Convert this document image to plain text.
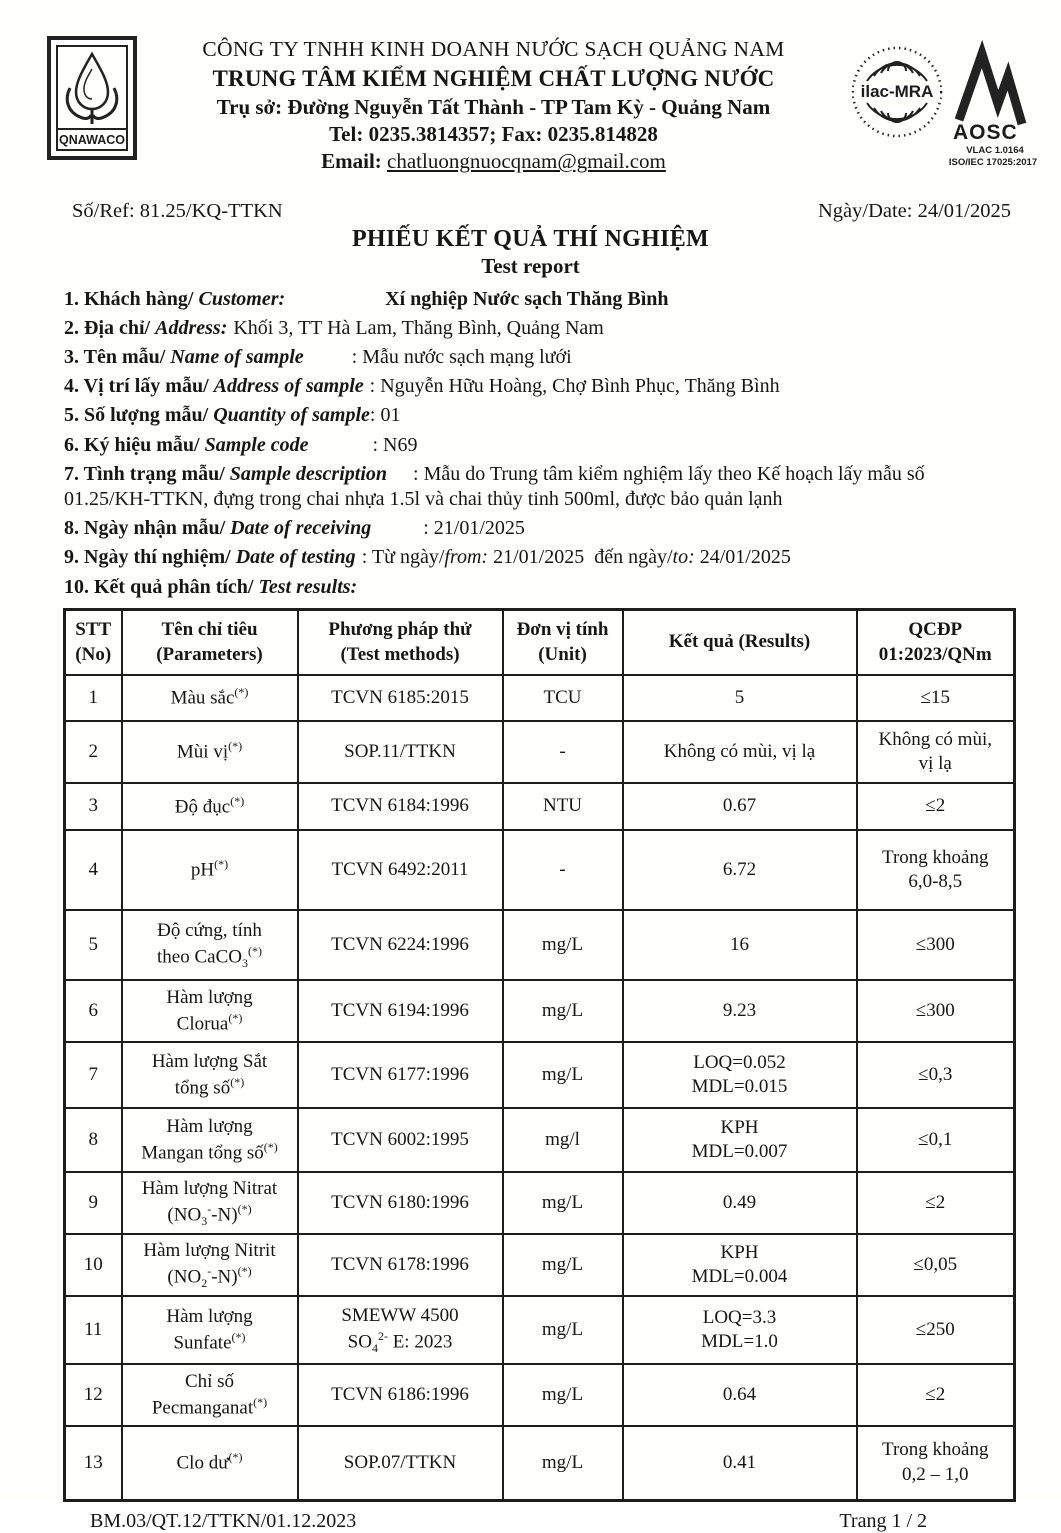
QNAWACO
CÔNG TY TNHH KINH DOANH NƯỚC SẠCH QUẢNG NAM
TRUNG TÂM KIỂM NGHIỆM CHẤT LƯỢNG NƯỚC
Trụ sở: Đường Nguyễn Tất Thành - TP Tam Kỳ - Quảng Nam
Tel: 0235.3814357; Fax: 0235.814828
Email: chatluongnuocqnam@gmail.com
ilac-MRA
AOSC
VLAC 1.0164
ISO/IEC 17025:2017
Số/Ref: 81.25/KQ-TTKN	Ngày/Date: 24/01/2025
PHIẾU KẾT QUẢ THÍ NGHIỆM
Test report
1. Khách hàng/ Customer:	Xí nghiệp Nước sạch Thăng Bình
2. Địa chỉ/ Address: Khối 3, TT Hà Lam, Thăng Bình, Quảng Nam
3. Tên mẫu/ Name of sample : Mẫu nước sạch mạng lưới
4. Vị trí lấy mẫu/ Address of sample : Nguyễn Hữu Hoàng, Chợ Bình Phục, Thăng Bình
5. Số lượng mẫu/ Quantity of sample: 01
6. Ký hiệu mẫu/ Sample code	: N69
7. Tình trạng mẫu/ Sample description : Mẫu do Trung tâm kiểm nghiệm lấy theo Kế hoạch lấy mẫu số 01.25/KH-TTKN, đựng trong chai nhựa 1.5l và chai thủy tinh 500ml, được bảo quản lạnh
8. Ngày nhận mẫu/ Date of receiving	: 21/01/2025
9. Ngày thí nghiệm/ Date of testing : Từ ngày/from: 21/01/2025  đến ngày/to: 24/01/2025
10. Kết quả phân tích/ Test results:
STT
(No)	Tên chỉ tiêu
(Parameters)	Phương pháp thử
(Test methods)	Đơn vị tính
(Unit)	Kết quả (Results)	QCĐP
01:2023/QNm
1	Màu sắc(*)	TCVN 6185:2015	TCU	5	≤15
2	Mùi vị(*)	SOP.11/TTKN	-	Không có mùi, vị lạ	Không có mùi,
vị lạ
3	Độ đục(*)	TCVN 6184:1996	NTU	0.67	≤2
4	pH(*)	TCVN 6492:2011	-	6.72	Trong khoảng
6,0-8,5
5	Độ cứng, tính
theo CaCO$_3$(*)	TCVN 6224:1996	mg/L	16	≤300
6	Hàm lượng
Clorua(*)	TCVN 6194:1996	mg/L	9.23	≤300
7	Hàm lượng Sắt
tổng số(*)	TCVN 6177:1996	mg/L	LOQ=0.052
MDL=0.015	≤0,3
8	Hàm lượng
Mangan tổng số(*)	TCVN 6002:1995	mg/l	KPH
MDL=0.007	≤0,1
9	Hàm lượng Nitrat
$(NO_3^--N)^{(*)}$	TCVN 6180:1996	mg/L	0.49	≤2
10	Hàm lượng Nitrit
$(NO_2^--N)^{(*)}$	TCVN 6178:1996	mg/L	KPH
MDL=0.004	≤0,05
11	Hàm lượng
Sunfate(*)	SMEWW 4500
$SO_4^{2-}$ E: 2023	mg/L	LOQ=3.3
MDL=1.0	≤250
12	Chỉ số
Pecmanganat(*)	TCVN 6186:1996	mg/L	0.64	≤2
13	Clo dư(*)	SOP.07/TTKN	mg/L	0.41	Trong khoảng
0,2 – 1,0
BM.03/QT.12/TTKN/01.12.2023	Trang 1 / 2
